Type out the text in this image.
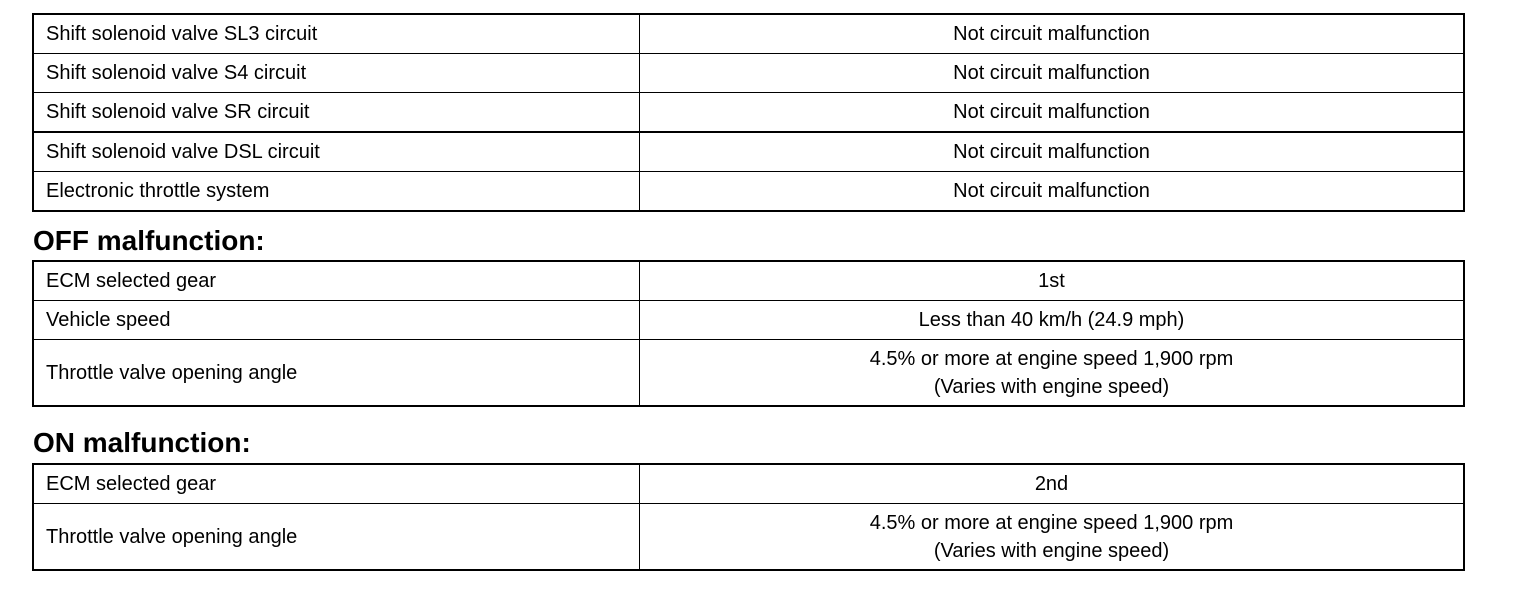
Shift solenoid valve SL3 circuit	Not circuit malfunction
Shift solenoid valve S4 circuit	Not circuit malfunction
Shift solenoid valve SR circuit	Not circuit malfunction
Shift solenoid valve DSL circuit	Not circuit malfunction
Electronic throttle system	Not circuit malfunction
OFF malfunction:
ECM selected gear	1st
Vehicle speed	Less than 40 km/h (24.9 mph)
Throttle valve opening angle	4.5% or more at engine speed 1,900 rpm
(Varies with engine speed)
ON malfunction:
ECM selected gear	2nd
Throttle valve opening angle	4.5% or more at engine speed 1,900 rpm
(Varies with engine speed)
